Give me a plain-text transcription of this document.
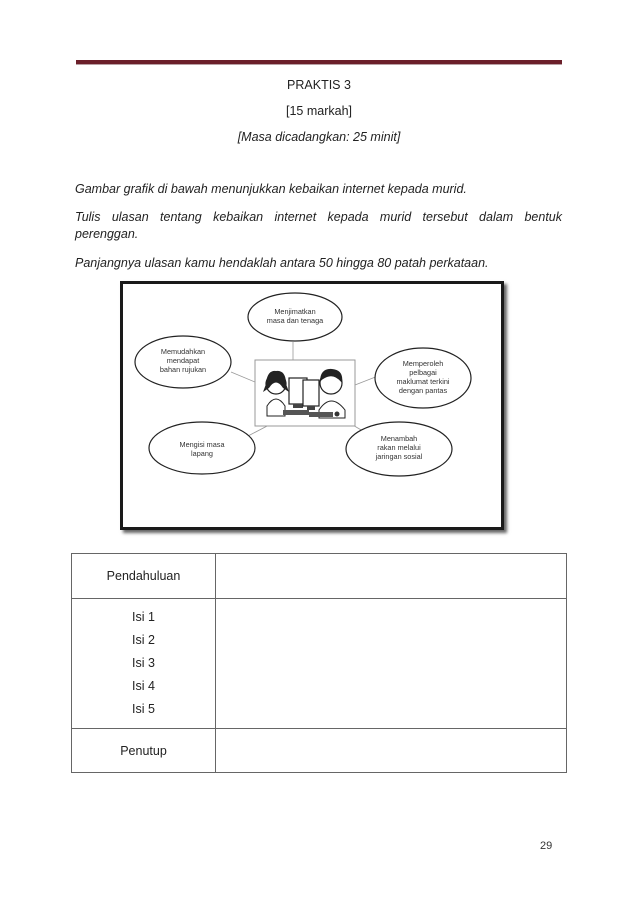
PRAKTIS 3
[15 markah]
[Masa dicadangkan: 25 minit]
Gambar grafik di bawah menunjukkan kebaikan internet kepada murid.
Tulis ulasan tentang kebaikan internet kepada murid tersebut dalam bentuk
perenggan.
Panjangnya ulasan kamu hendaklah antara 50 hingga 80 patah perkataan.
Menjimatkan masa dan tenaga
Memudahkan mendapat bahan rujukan
Memperoleh pelbagai maklumat terkini dengan pantas
Mengisi masa lapang
Menambah rakan melalui jaringan sosial
Pendahuluan	

Isi 1
Isi 2
Isi 3
Isi 4
Isi 5	

Penutup	
29
